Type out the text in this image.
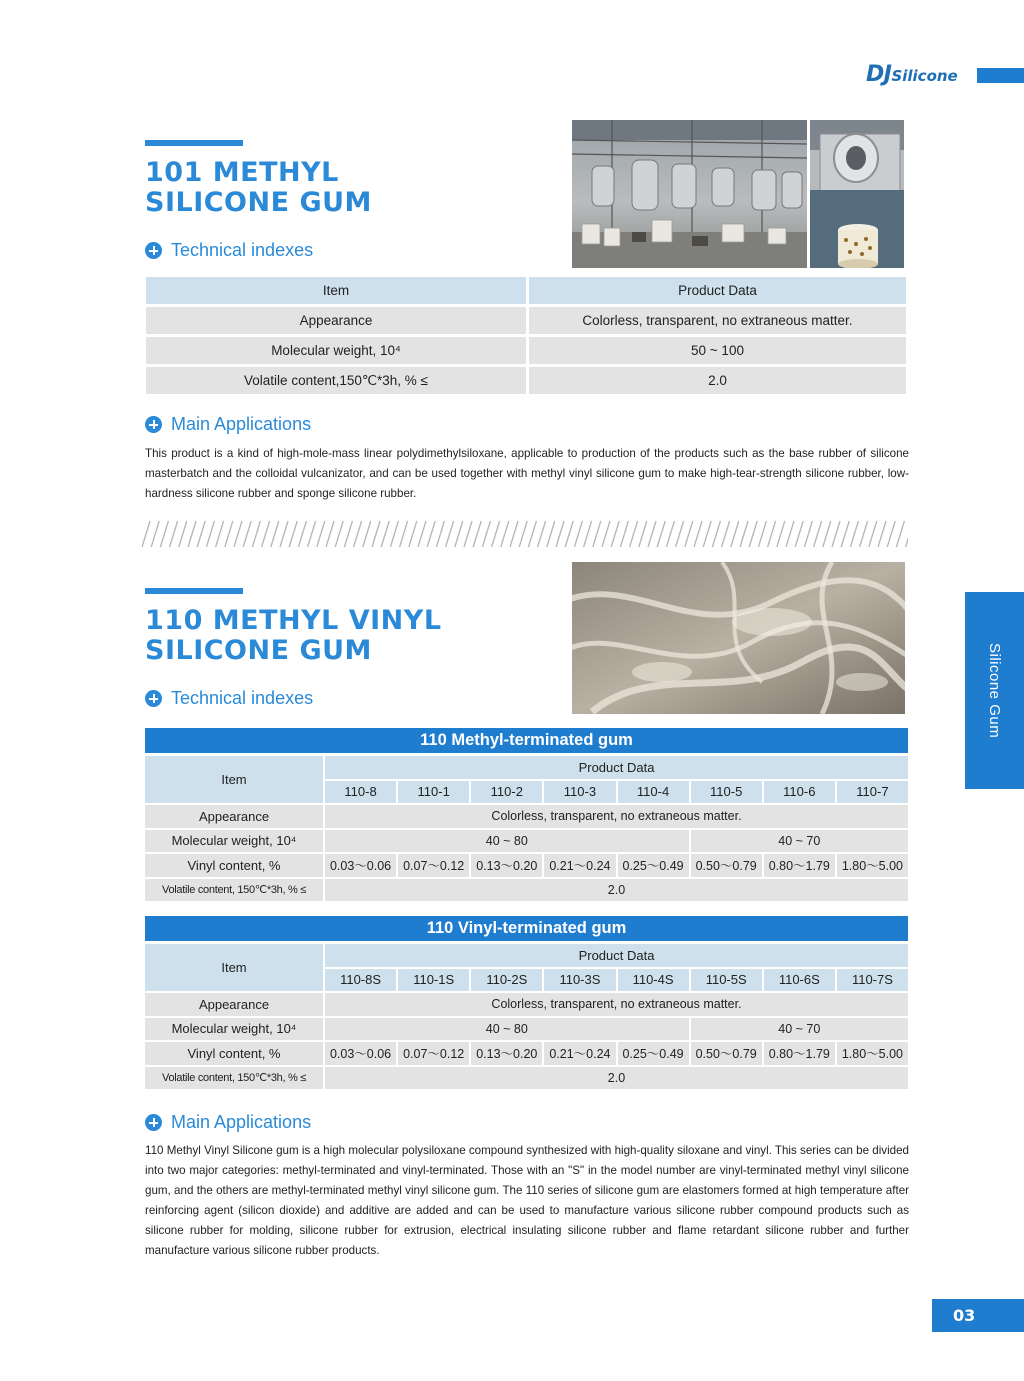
DJSilicone
101 METHYL
SILICONE GUM
Technical indexes
Item	Product Data
Appearance	Colorless, transparent, no extraneous matter.
Molecular weight, 10⁴	50 ~ 100
Volatile content,150℃*3h, % ≤	2.0
Main Applications

This product is a kind of high-mole-mass linear polydimethylsiloxane, applicable to production of the products such as the base rubber of silicone masterbatch and the colloidal vulcanizator, and can be used together with methyl vinyl silicone gum to make high-tear-strength silicone rubber, low-hardness silicone rubber and sponge silicone rubber.

110 METHYL VINYL
SILICONE GUM
Technical indexes	Silicone Gum
110 Methyl-terminated gum
Item	Product Data							
	110-8	110-1	110-2	110-3	110-4	110-5	110-6	110-7
Appearance	Colorless, transparent, no extraneous matter.							
Molecular weight, 10⁴	40 ~ 80					40 ~ 70		
Vinyl content, %	0.03～0.06	0.07～0.12	0.13～0.20	0.21～0.24	0.25～0.49	0.50～0.79	0.80～1.79	1.80～5.00
Volatile content, 150℃*3h, % ≤	2.0							
110 Vinyl-terminated gum
Item	Product Data							
	110-8S	110-1S	110-2S	110-3S	110-4S	110-5S	110-6S	110-7S
Appearance	Colorless, transparent, no extraneous matter.							
Molecular weight, 10⁴	40 ~ 80					40 ~ 70		
Vinyl content, %	0.03～0.06	0.07～0.12	0.13～0.20	0.21～0.24	0.25～0.49	0.50～0.79	0.80～1.79	1.80～5.00
Volatile content, 150℃*3h, % ≤	2.0							
Main Applications

110 Methyl Vinyl Silicone gum is a high molecular polysiloxane compound synthesized with high-quality siloxane and vinyl. This series can be divided into two major categories: methyl-terminated and vinyl-terminated. Those with an "S" in the model number are vinyl-terminated methyl vinyl silicone gum, and the others are methyl-terminated methyl vinyl silicone gum. The 110 series of silicone gum are elastomers formed at high temperature after reinforcing agent (silicon dioxide) and additive are added and can be used to manufacture various silicone rubber compound products such as silicone rubber for molding, silicone rubber for extrusion, electrical insulating silicone rubber and flame retardant silicone rubber and further manufacture various silicone rubber products.

03
